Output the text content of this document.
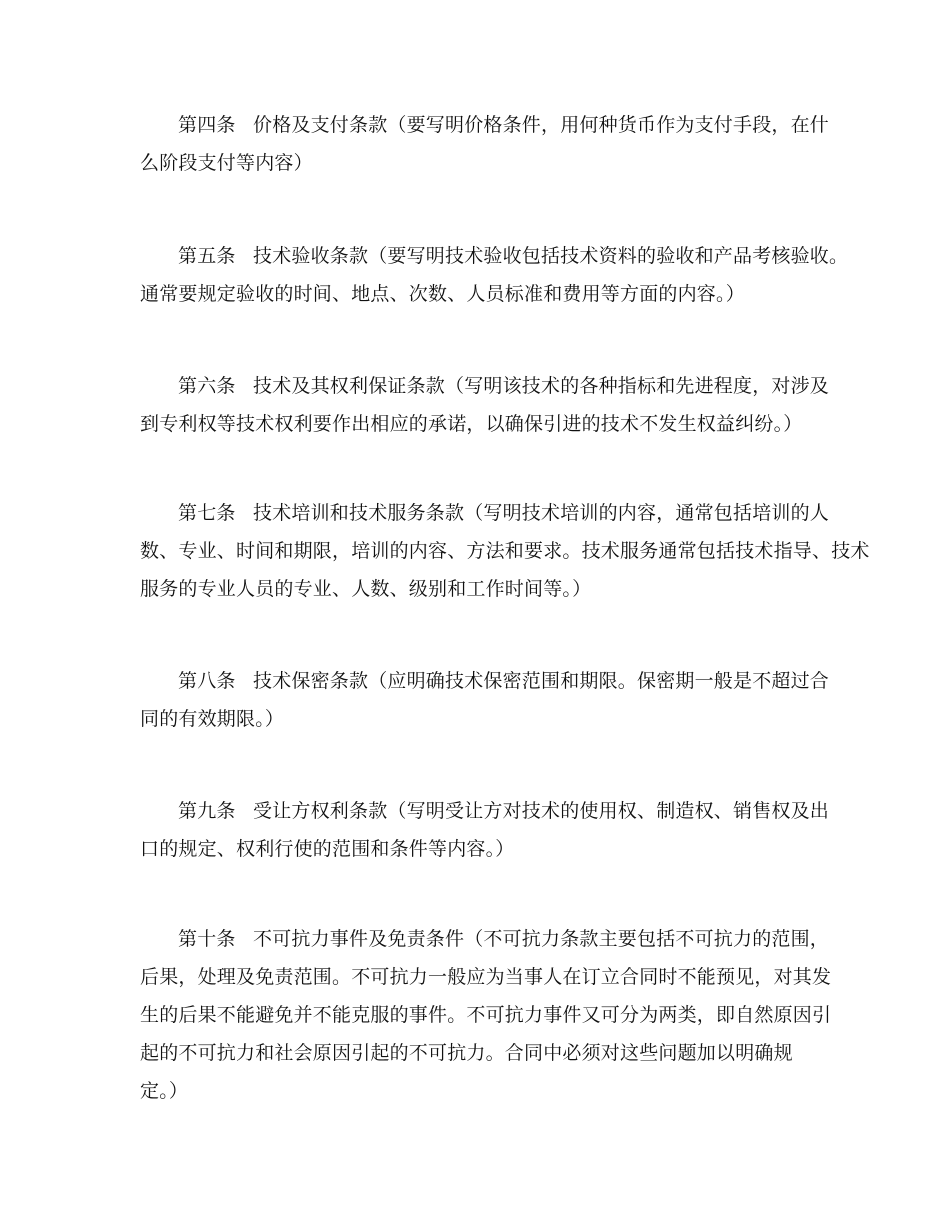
第四条 价格及支付条款（要写明价格条件，用何种货币作为支付手段，在什
么阶段支付等内容）
第五条 技术验收条款（要写明技术验收包括技术资料的验收和产品考核验收。
通常要规定验收的时间、地点、次数、人员标准和费用等方面的内容。）
第六条 技术及其权利保证条款（写明该技术的各种指标和先进程度，对涉及
到专利权等技术权利要作出相应的承诺，以确保引进的技术不发生权益纠纷。）
第七条 技术培训和技术服务条款（写明技术培训的内容，通常包括培训的人
数、专业、时间和期限，培训的内容、方法和要求。技术服务通常包括技术指导、技术
服务的专业人员的专业、人数、级别和工作时间等。）
第八条 技术保密条款（应明确技术保密范围和期限。保密期一般是不超过合
同的有效期限。）
第九条 受让方权利条款（写明受让方对技术的使用权、制造权、销售权及出
口的规定、权利行使的范围和条件等内容。）
第十条 不可抗力事件及免责条件（不可抗力条款主要包括不可抗力的范围，
后果，处理及免责范围。不可抗力一般应为当事人在订立合同时不能预见，对其发
生的后果不能避免并不能克服的事件。不可抗力事件又可分为两类，即自然原因引
起的不可抗力和社会原因引起的不可抗力。合同中必须对这些问题加以明确规
定。）
